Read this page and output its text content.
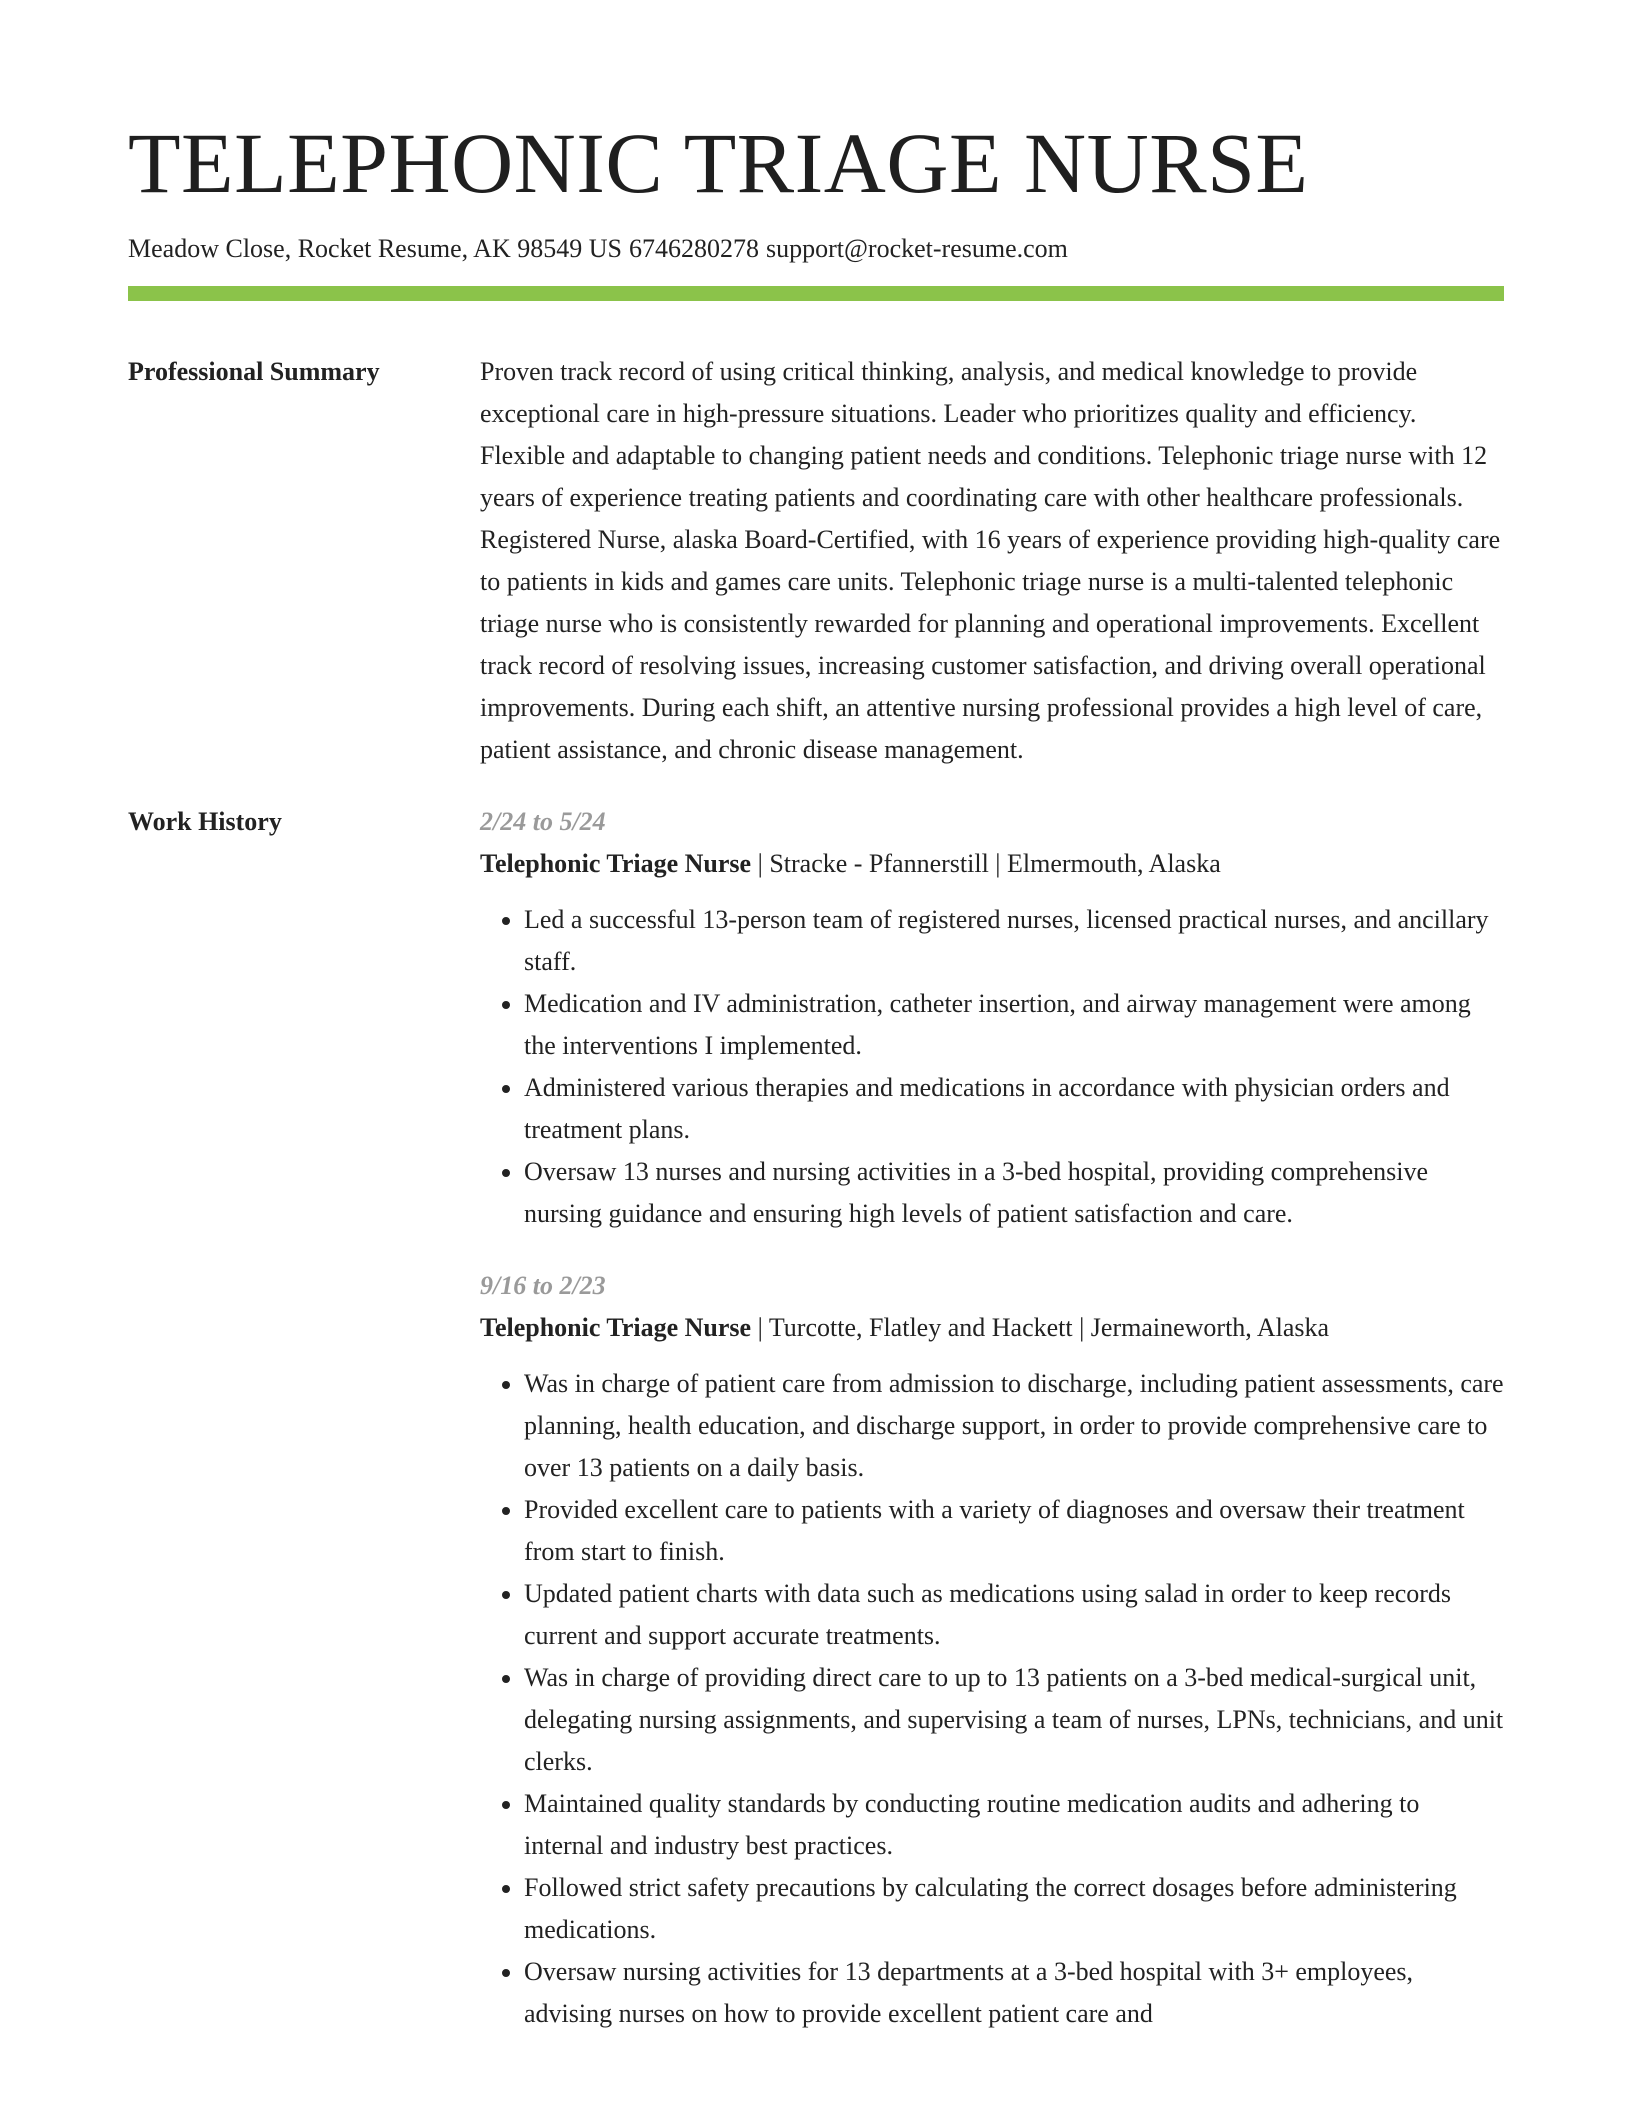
TELEPHONIC TRIAGE NURSE
Meadow Close, Rocket Resume, AK 98549 US 6746280278 support@rocket-resume.com
Professional Summary	Proven track record of using critical thinking, analysis, and medical knowledge to provide exceptional care in high-pressure situations. Leader who prioritizes quality and efficiency. Flexible and adaptable to changing patient needs and conditions. Telephonic triage nurse with 12 years of experience treating patients and coordinating care with other healthcare professionals. Registered Nurse, alaska Board-Certified, with 16 years of experience providing high-quality care to patients in kids and games care units. Telephonic triage nurse is a multi-talented telephonic triage nurse who is consistently rewarded for planning and operational improvements. Excellent track record of resolving issues, increasing customer satisfaction, and driving overall operational improvements. During each shift, an attentive nursing professional provides a high level of care, patient assistance, and chronic disease management.

Work History	2/24 to 5/24
Telephonic Triage Nurse | Stracke - Pfannerstill | Elmermouth, Alaska
• Led a successful 13-person team of registered nurses, licensed practical nurses, and ancillary staff.
• Medication and IV administration, catheter insertion, and airway management were among the interventions I implemented.
• Administered various therapies and medications in accordance with physician orders and treatment plans.
• Oversaw 13 nurses and nursing activities in a 3-bed hospital, providing comprehensive nursing guidance and ensuring high levels of patient satisfaction and care.
9/16 to 2/23
Telephonic Triage Nurse | Turcotte, Flatley and Hackett | Jermaineworth, Alaska
• Was in charge of patient care from admission to discharge, including patient assessments, care planning, health education, and discharge support, in order to provide comprehensive care to over 13 patients on a daily basis.
• Provided excellent care to patients with a variety of diagnoses and oversaw their treatment from start to finish.
• Updated patient charts with data such as medications using salad in order to keep records current and support accurate treatments.
• Was in charge of providing direct care to up to 13 patients on a 3-bed medical-surgical unit, delegating nursing assignments, and supervising a team of nurses, LPNs, technicians, and unit clerks.
• Maintained quality standards by conducting routine medication audits and adhering to internal and industry best practices.
• Followed strict safety precautions by calculating the correct dosages before administering medications.
• Oversaw nursing activities for 13 departments at a 3-bed hospital with 3+ employees, advising nurses on how to provide excellent patient care and
